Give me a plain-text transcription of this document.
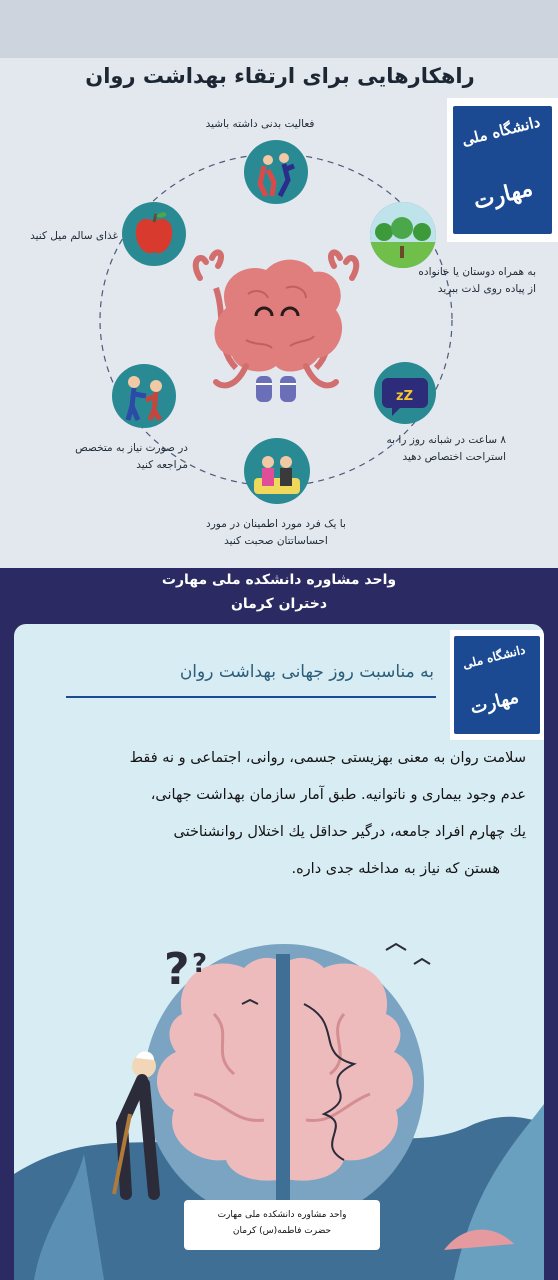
راهکارهایی برای ارتقاء بهداشت روان
دانشگاه ملی
مهارت
فعالیت بدنی داشته باشید
به همراه دوستان یا خانواده
از پیاده روی لذت ببرید
zZ
۸ ساعت در شبانه روز را به
استراحت اختصاص دهید
با یک فرد مورد اطمینان در مورد
احساساتتان صحبت کنید
در صورت نیاز به متخصص
مراجعه کنید
غذای سالم میل کنید
واحد مشاوره دانشکده ملی مهارت
دختران کرمان
دانشگاه ملی
مهارت
به مناسبت روز جهانی بهداشت روان
سلامت روان به معنی بهزیستی جسمی، روانی، اجتماعی و نه فقط
عدم وجود بیماری و ناتوانیه. طبق آمار سازمان بهداشت جهانی،
یك چهارم افراد جامعه، درگیر حداقل یك اختلال روانشناختی
هستن که نیاز به مداخله جدی داره.
? ?
واحد مشاوره دانشکده ملی مهارت
حضرت فاطمه(س) کرمان
